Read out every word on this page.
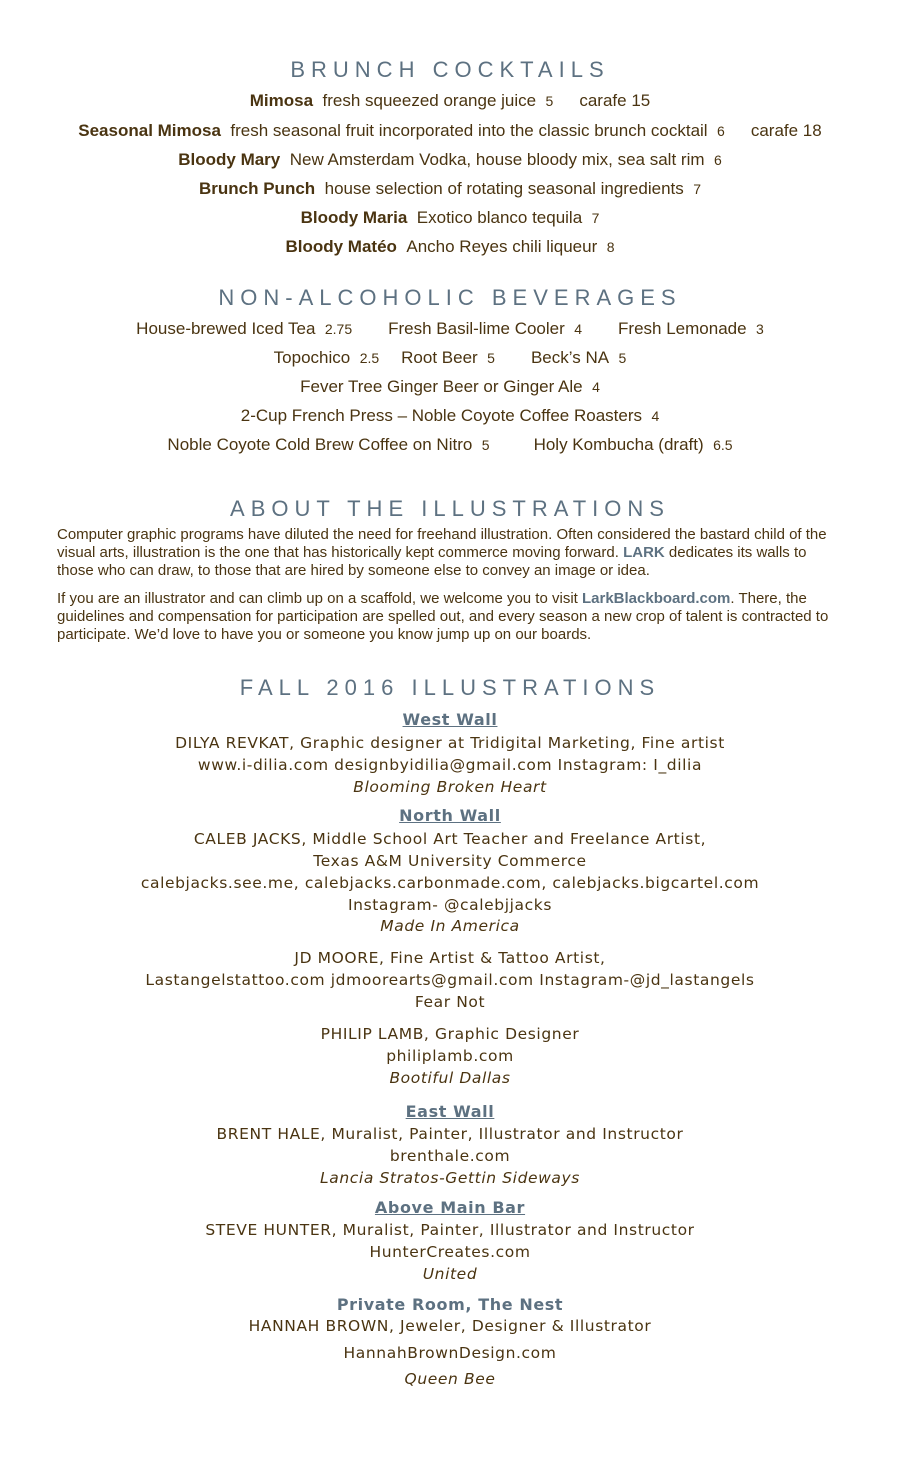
BRUNCH COCKTAILS
Mimosa fresh squeezed orange juice 5 carafe 15
Seasonal Mimosa fresh seasonal fruit incorporated into the classic brunch cocktail 6 carafe 18
Bloody Mary New Amsterdam Vodka, house bloody mix, sea salt rim 6
Brunch Punch house selection of rotating seasonal ingredients 7
Bloody Maria Exotico blanco tequila 7
Bloody Matéo Ancho Reyes chili liqueur 8
NON-ALCOHOLIC BEVERAGES
House-brewed Iced Tea 2.75 Fresh Basil-lime Cooler 4 Fresh Lemonade 3
Topochico 2.5 Root Beer 5 Beck’s NA 5
Fever Tree Ginger Beer or Ginger Ale 4
2-Cup French Press – Noble Coyote Coffee Roasters 4
Noble Coyote Cold Brew Coffee on Nitro 5	Holy Kombucha (draft) 6.5
ABOUT THE ILLUSTRATIONS

Computer graphic programs have diluted the need for freehand illustration. Often considered the bastard child of the visual arts, illustration is the one that has historically kept commerce moving forward. LARK dedicates its walls to those who can draw, to those that are hired by someone else to convey an image or idea.

If you are an illustrator and can climb up on a scaffold, we welcome you to visit LarkBlackboard.com. There, the guidelines and compensation for participation are spelled out, and every season a new crop of talent is contracted to participate. We’d love to have you or someone you know jump up on our boards.

FALL 2016 ILLUSTRATIONS
West Wall
DILYA REVKAT, Graphic designer at Tridigital Marketing, Fine artist
www.i-dilia.com designbyidilia@gmail.com Instagram: I_dilia
Blooming Broken Heart
North Wall
CALEB JACKS, Middle School Art Teacher and Freelance Artist,
Texas A&M University Commerce
calebjacks.see.me, calebjacks.carbonmade.com, calebjacks.bigcartel.com
Instagram- @calebjjacks
Made In America
JD MOORE, Fine Artist & Tattoo Artist,
Lastangelstattoo.com jdmoorearts@gmail.com Instagram-@jd_lastangels
Fear Not
PHILIP LAMB, Graphic Designer
philiplamb.com
Bootiful Dallas
East Wall
BRENT HALE, Muralist, Painter, Illustrator and Instructor
brenthale.com
Lancia Stratos-Gettin Sideways
Above Main Bar
STEVE HUNTER, Muralist, Painter, Illustrator and Instructor
HunterCreates.com
United
Private Room, The Nest
HANNAH BROWN, Jeweler, Designer & Illustrator
HannahBrownDesign.com
Queen Bee
